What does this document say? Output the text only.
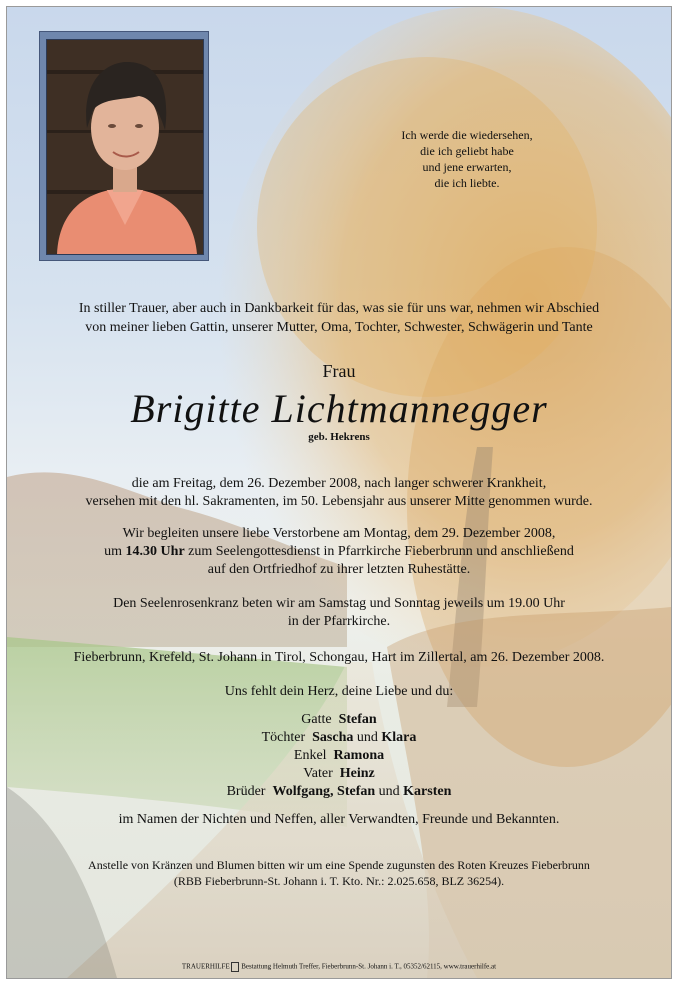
Ich werde die wiedersehen,
die ich geliebt habe
und jene erwarten,
die ich liebte.
In stiller Trauer, aber auch in Dankbarkeit für das, was sie für uns war, nehmen wir Abschied
von meiner lieben Gattin, unserer Mutter, Oma, Tochter, Schwester, Schwägerin und Tante
Frau
Brigitte Lichtmannegger
geb. Hekrens
die am Freitag, dem 26. Dezember 2008, nach langer schwerer Krankheit,
versehen mit den hl. Sakramenten, im 50. Lebensjahr aus unserer Mitte genommen wurde.
Wir begleiten unsere liebe Verstorbene am Montag, dem 29. Dezember 2008,
um 14.30 Uhr zum Seelengottesdienst in Pfarrkirche Fieberbrunn und anschließend
auf den Ortfriedhof zu ihrer letzten Ruhestätte.
Den Seelenrosenkranz beten wir am Samstag und Sonntag jeweils um 19.00 Uhr
in der Pfarrkirche.
Fieberbrunn, Krefeld, St. Johann in Tirol, Schongau, Hart im Zillertal, am 26. Dezember 2008.
Uns fehlt dein Herz, deine Liebe und du:
Gatte Stefan
Töchter Sascha und Klara
Enkel Ramona
Vater Heinz
Brüder Wolfgang, Stefan und Karsten
im Namen der Nichten und Neffen, aller Verwandten, Freunde und Bekannten.
Anstelle von Kränzen und Blumen bitten wir um eine Spende zugunsten des Roten Kreuzes Fieberbrunn
(RBB Fieberbrunn-St. Johann i. T. Kto. Nr.: 2.025.658, BLZ 36254).
TRAUERHILFE Bestattung Helmuth Treffer, Fieberbrunn-St. Johann i. T., 05352/62115, www.trauerhilfe.at
